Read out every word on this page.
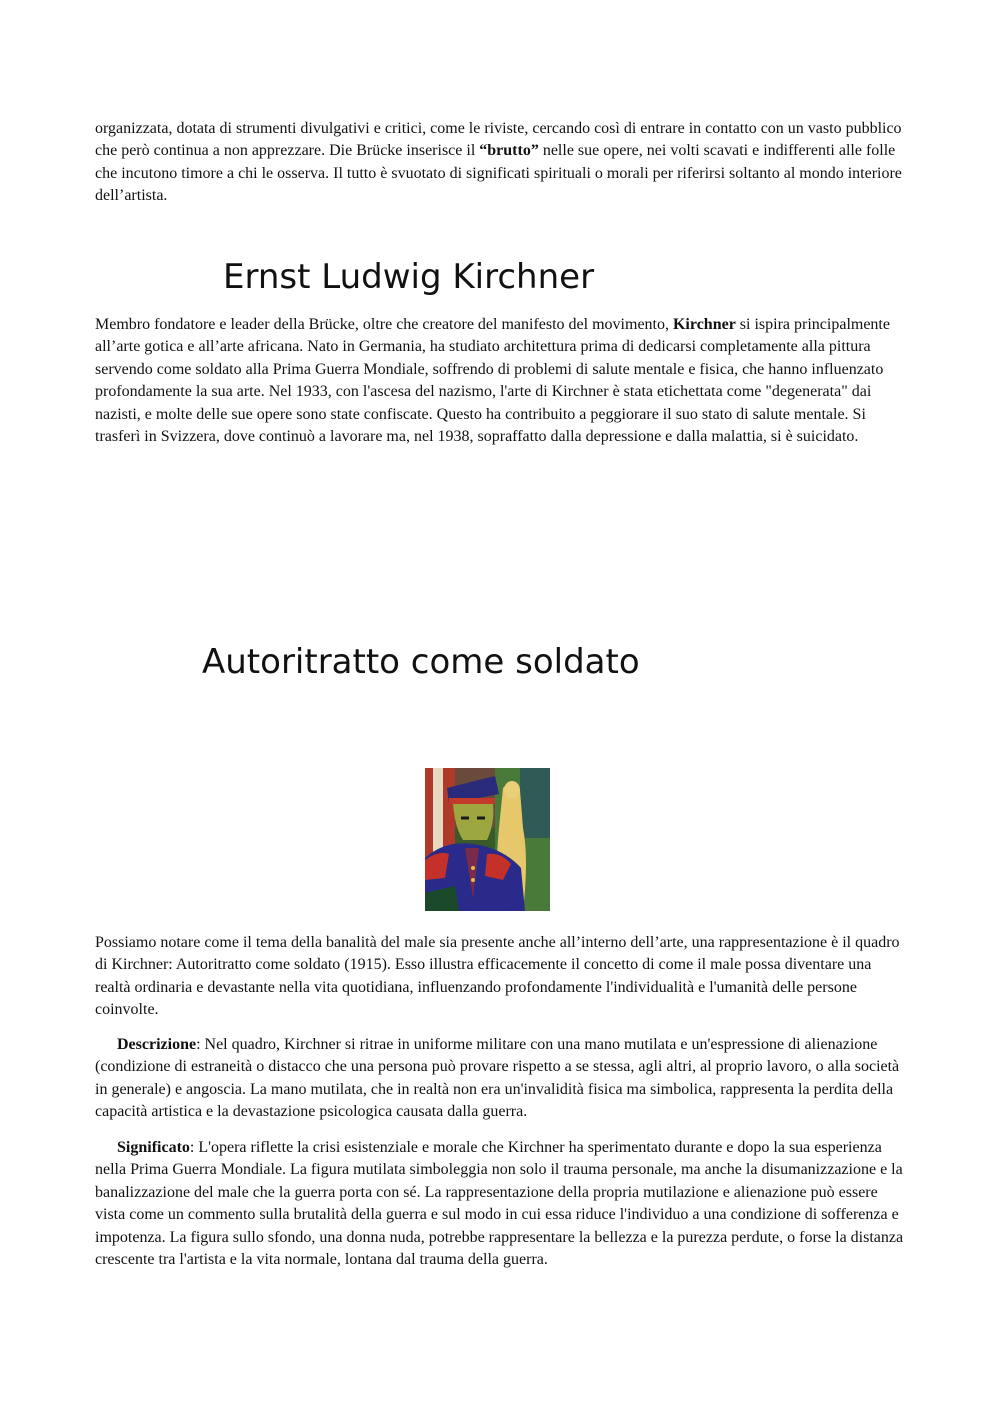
organizzata, dotata di strumenti divulgativi e critici, come le riviste, cercando così di entrare in contatto con un vasto pubblico che però continua a non apprezzare. Die Brücke inserisce il “brutto” nelle sue opere, nei volti scavati e indifferenti alle folle che incutono timore a chi le osserva. Il tutto è svuotato di significati spirituali o morali per riferirsi soltanto al mondo interiore dell’artista.

Ernst Ludwig Kirchner

Membro fondatore e leader della Brücke, oltre che creatore del manifesto del movimento, Kirchner si ispira principalmente all’arte gotica e all’arte africana. Nato in Germania, ha studiato architettura prima di dedicarsi completamente alla pittura servendo come soldato alla Prima Guerra Mondiale, soffrendo di problemi di salute mentale e fisica, che hanno influenzato profondamente la sua arte. Nel 1933, con l'ascesa del nazismo, l'arte di Kirchner è stata etichettata come "degenerata" dai nazisti, e molte delle sue opere sono state confiscate. Questo ha contribuito a peggiorare il suo stato di salute mentale. Si trasferì in Svizzera, dove continuò a lavorare ma, nel 1938, sopraffatto dalla depressione e dalla malattia, si è suicidato.

Autoritratto come soldato

Possiamo notare come il tema della banalità del male sia presente anche all’interno dell’arte, una rappresentazione è il quadro di Kirchner: Autoritratto come soldato (1915). Esso illustra efficacemente il concetto di come il male possa diventare una realtà ordinaria e devastante nella vita quotidiana, influenzando profondamente l'individualità e l'umanità delle persone coinvolte.

Descrizione: Nel quadro, Kirchner si ritrae in uniforme militare con una mano mutilata e un'espressione di alienazione (condizione di estraneità o distacco che una persona può provare rispetto a se stessa, agli altri, al proprio lavoro, o alla società in generale) e angoscia. La mano mutilata, che in realtà non era un'invalidità fisica ma simbolica, rappresenta la perdita della capacità artistica e la devastazione psicologica causata dalla guerra.

Significato: L'opera riflette la crisi esistenziale e morale che Kirchner ha sperimentato durante e dopo la sua esperienza nella Prima Guerra Mondiale. La figura mutilata simboleggia non solo il trauma personale, ma anche la disumanizzazione e la banalizzazione del male che la guerra porta con sé. La rappresentazione della propria mutilazione e alienazione può essere vista come un commento sulla brutalità della guerra e sul modo in cui essa riduce l'individuo a una condizione di sofferenza e impotenza. La figura sullo sfondo, una donna nuda, potrebbe rappresentare la bellezza e la purezza perdute, o forse la distanza crescente tra l'artista e la vita normale, lontana dal trauma della guerra.
